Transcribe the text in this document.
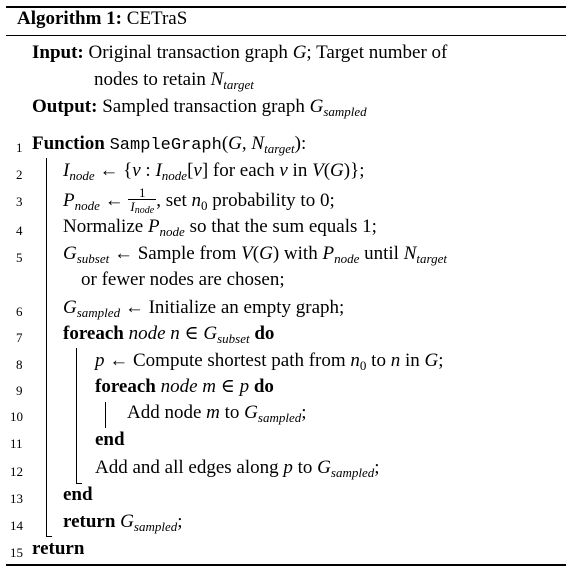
Algorithm 1: CETraS
Input: Original transaction graph G; Target number of
nodes to retain $N_{target}$
Output: Sampled transaction graph $G_{sampled}$
1
2
3
4
5
6
7
8
9
10
11
12
13
14
15
Function SampleGraph(G, $N_{target}$):
$I_{node}$ ← {v : $I_{node}[v]$ for each v in V(G)};
$P_{node}$ ← $\frac{1}{I_{node}}$ , set $n_0$ probability to 0;
Normalize $P_{node}$ so that the sum equals 1;
$G_{subset}$ ← Sample from V(G) with $P_{node}$ until $N_{target}$
or fewer nodes are chosen;
$G_{sampled}$ ← Initialize an empty graph;
foreach node n ∈ $G_{subset}$ do
p ← Compute shortest path from $n_0$ to n in G;
foreach node m ∈ p do
Add node m to $G_{sampled}$;
end
Add and all edges along p to $G_{sampled}$;
end
return $G_{sampled}$;
return
